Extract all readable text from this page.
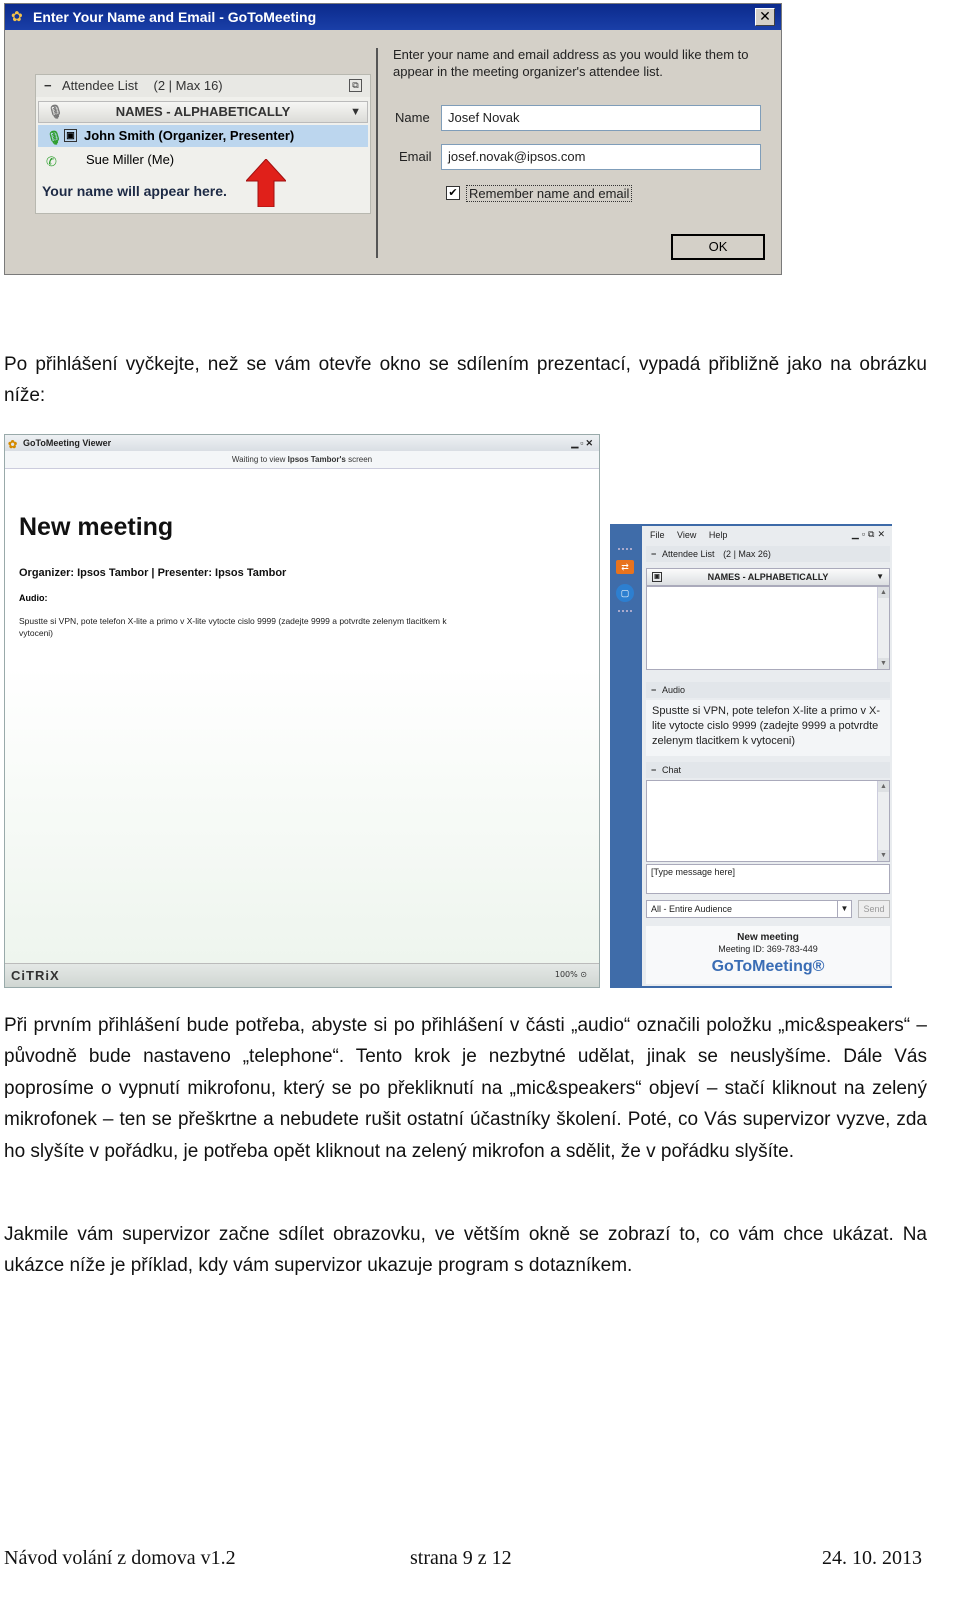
Enter Your Name and Email - GoToMeeting
✿	✕
− Attendee List (2 | Max 16)	⧉
🎙	NAMES - ALPHABETICALLY	▼
🎙 ▣ John Smith (Organizer, Presenter)
✆ Sue Miller (Me)
Your name will appear here.
Enter your name and email address as you would like them to appear in the meeting organizer's attendee list.
Name	Josef Novak
Email	josef.novak@ipsos.com
✔ Remember name and email
OK
Po přihlášení vyčkejte, než se vám otevře okno se sdílením prezentací, vypadá přibližně jako na obrázku níže:
✿ GoToMeeting Viewer	▁▫✕
Waiting to view Ipsos Tambor's screen
New meeting
Organizer: Ipsos Tambor | Presenter: Ipsos Tambor
Audio:
Spustte si VPN, pote telefon X-lite a primo v X-lite vytocte cislo 9999 (zadejte 9999 a potvrdte zelenym tlacitkem k vytoceni)
CiTRiX	100% ⊙
⇄
▢
File View Help	▁▫⧉✕
− Attendee List (2 | Max 26)
▣	NAMES - ALPHABETICALLY	▼
▲
▼
− Audio
Spustte si VPN, pote telefon X-lite a primo v X-lite vytocte cislo 9999 (zadejte 9999 a potvrdte zelenym tlacitkem k vytoceni)
− Chat
▲
▼
[Type message here]
All - Entire Audience	▼	Send
New meeting
Meeting ID: 369-783-449
GoToMeeting®
Při prvním přihlášení bude potřeba, abyste si po přihlášení v části „audio“ označili položku „mic&speakers“ – původně bude nastaveno „telephone“. Tento krok je nezbytné udělat, jinak se neuslyšíme. Dále Vás poprosíme o vypnutí mikrofonu, který se po překliknutí na „mic&speakers“ objeví – stačí kliknout na zelený mikrofonek – ten se přeškrtne a nebudete rušit ostatní účastníky školení. Poté, co Vás supervizor vyzve, zda ho slyšíte v pořádku, je potřeba opět kliknout na zelený mikrofon a sdělit, že v pořádku slyšíte.
Jakmile vám supervizor začne sdílet obrazovku, ve větším okně se zobrazí to, co vám chce ukázat. Na ukázce níže je příklad, kdy vám supervizor ukazuje program s dotazníkem.
Návod volání z domova v1.2	strana 9 z 12	24. 10. 2013
